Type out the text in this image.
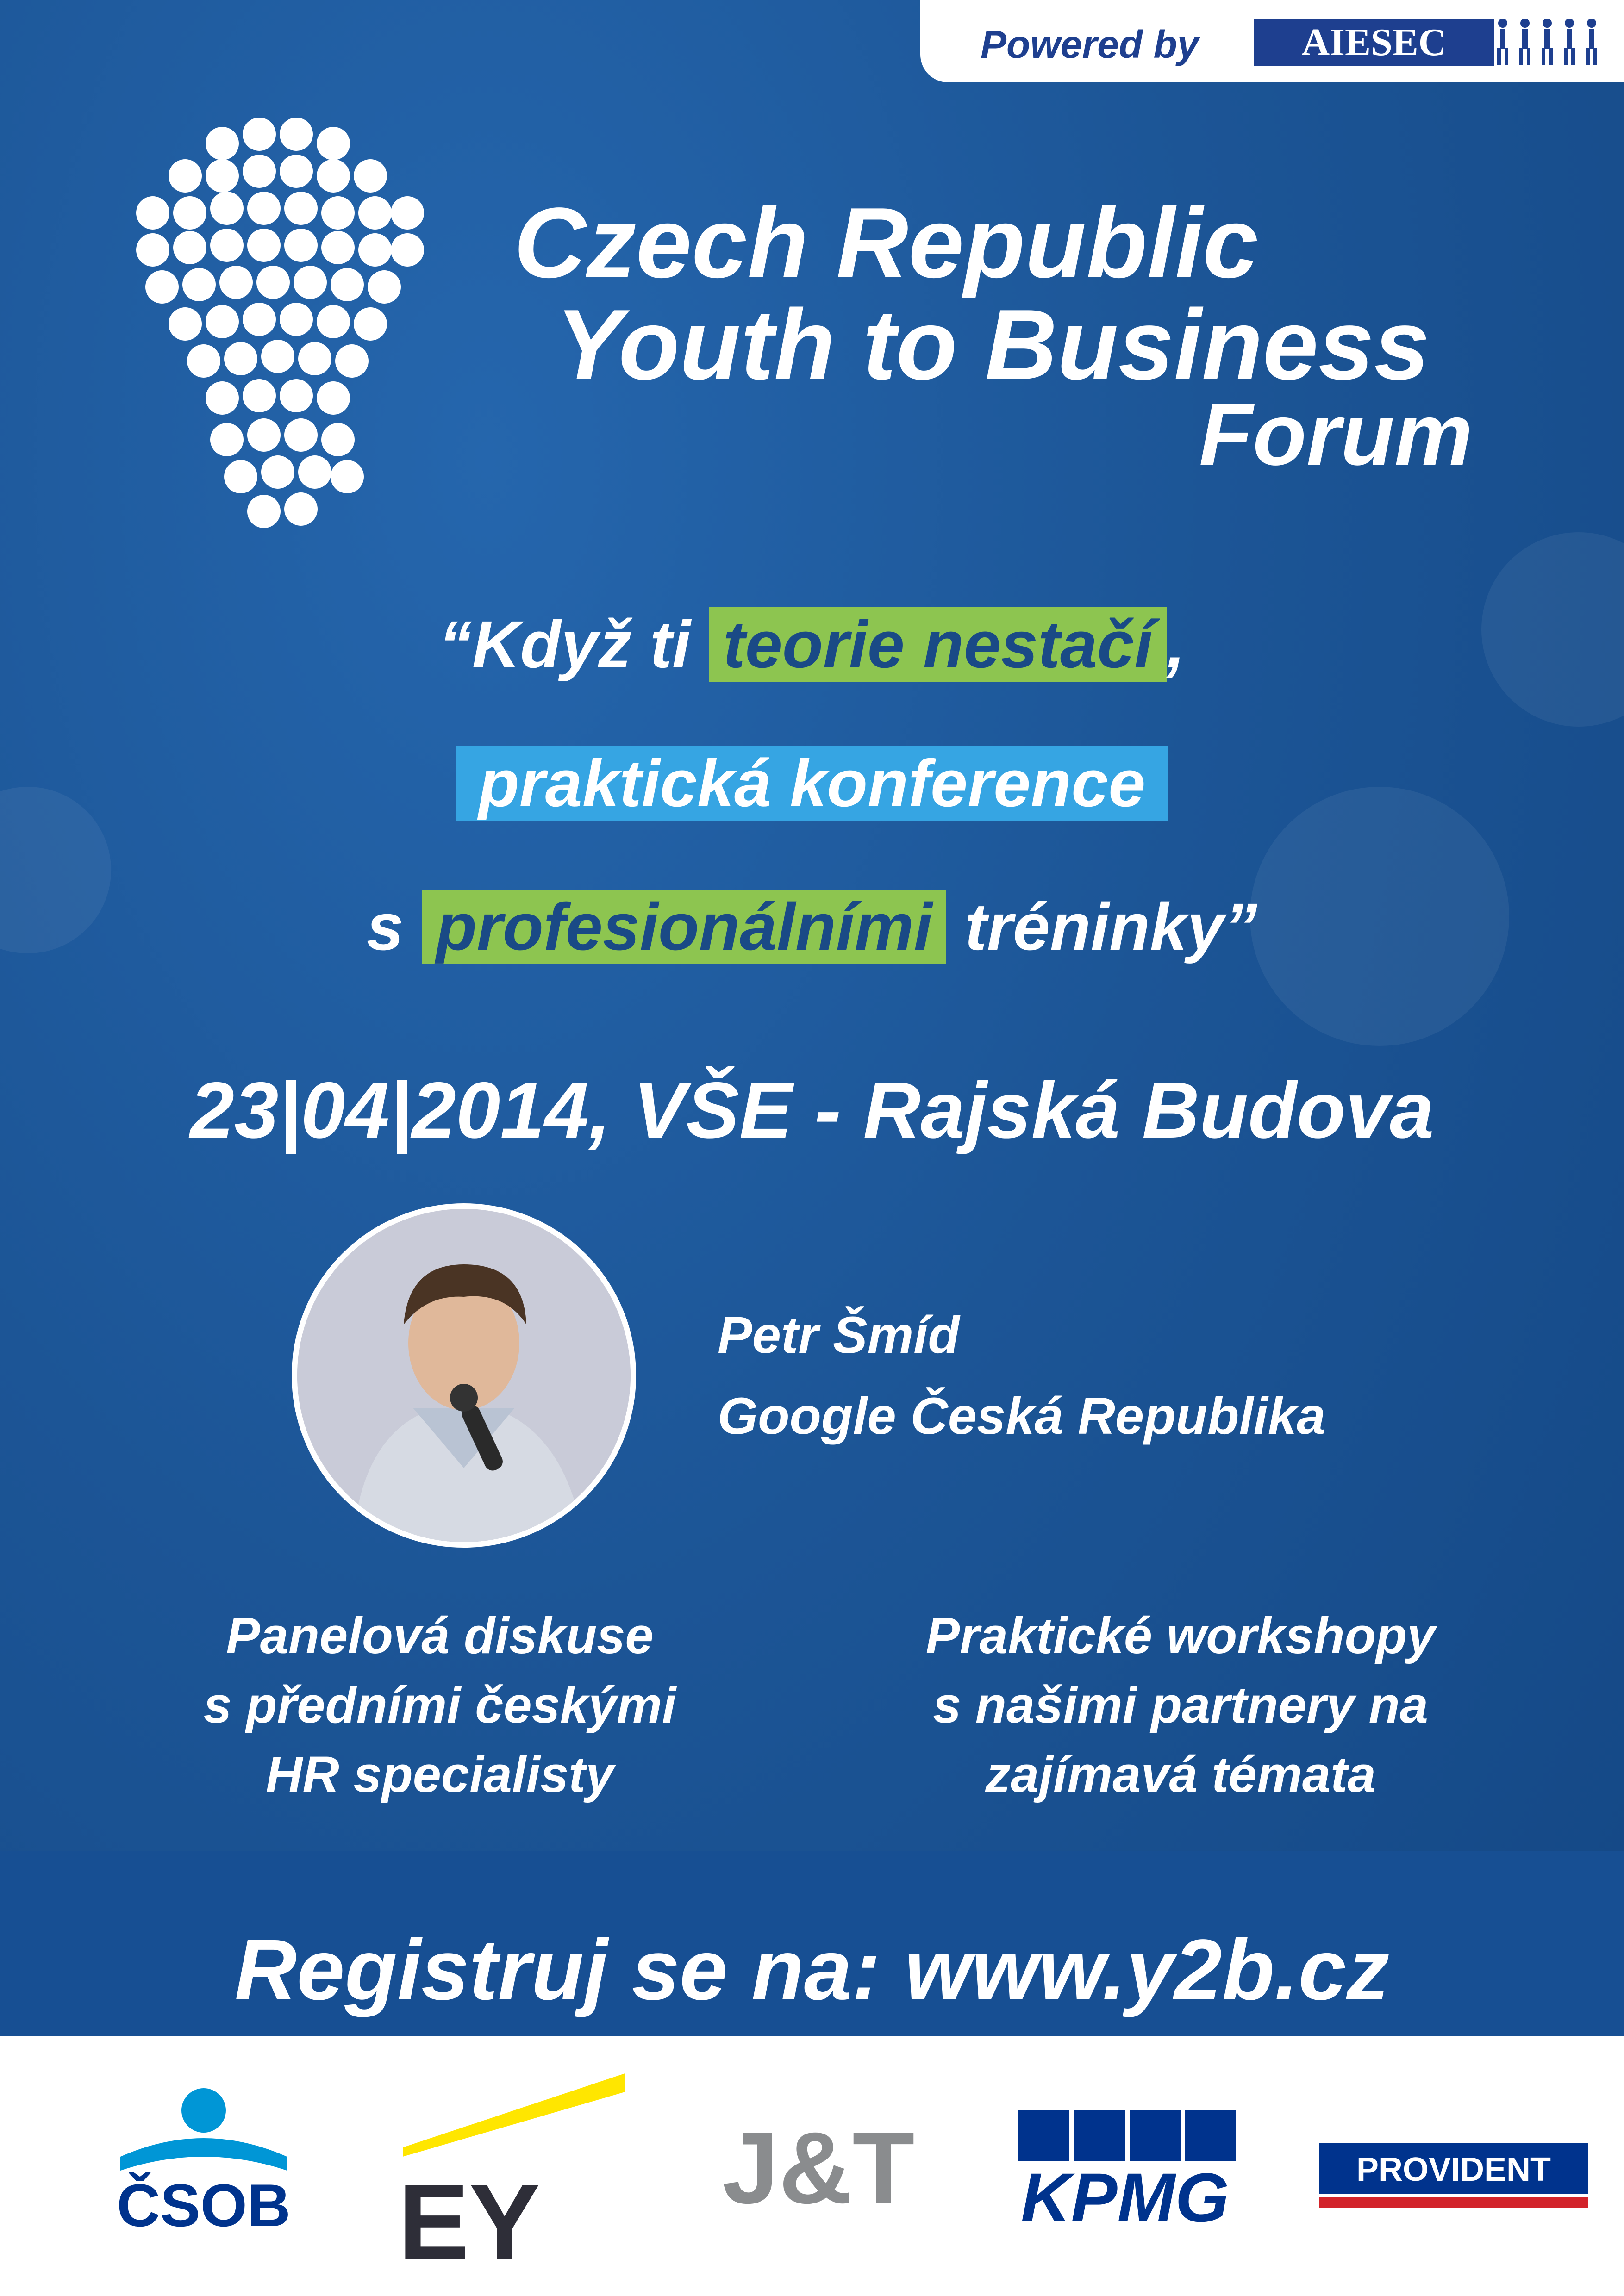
Powered by	AIESEC
Czech Republic
Youth to Business
Forum
“Když ti teorie nestačí ,
praktická konference
s profesionálními tréninky”
23|04|2014, VŠE - Rajská Budova
Petr Šmíd
Google Česká Republika
Panelová diskuse
s předními českými
HR specialisty
Praktické workshopy
s našimi partnery na
zajímavá témata
Registruj se na: www.y2b.cz
ČSOB EY J&T KPMG	PROVIDENT
